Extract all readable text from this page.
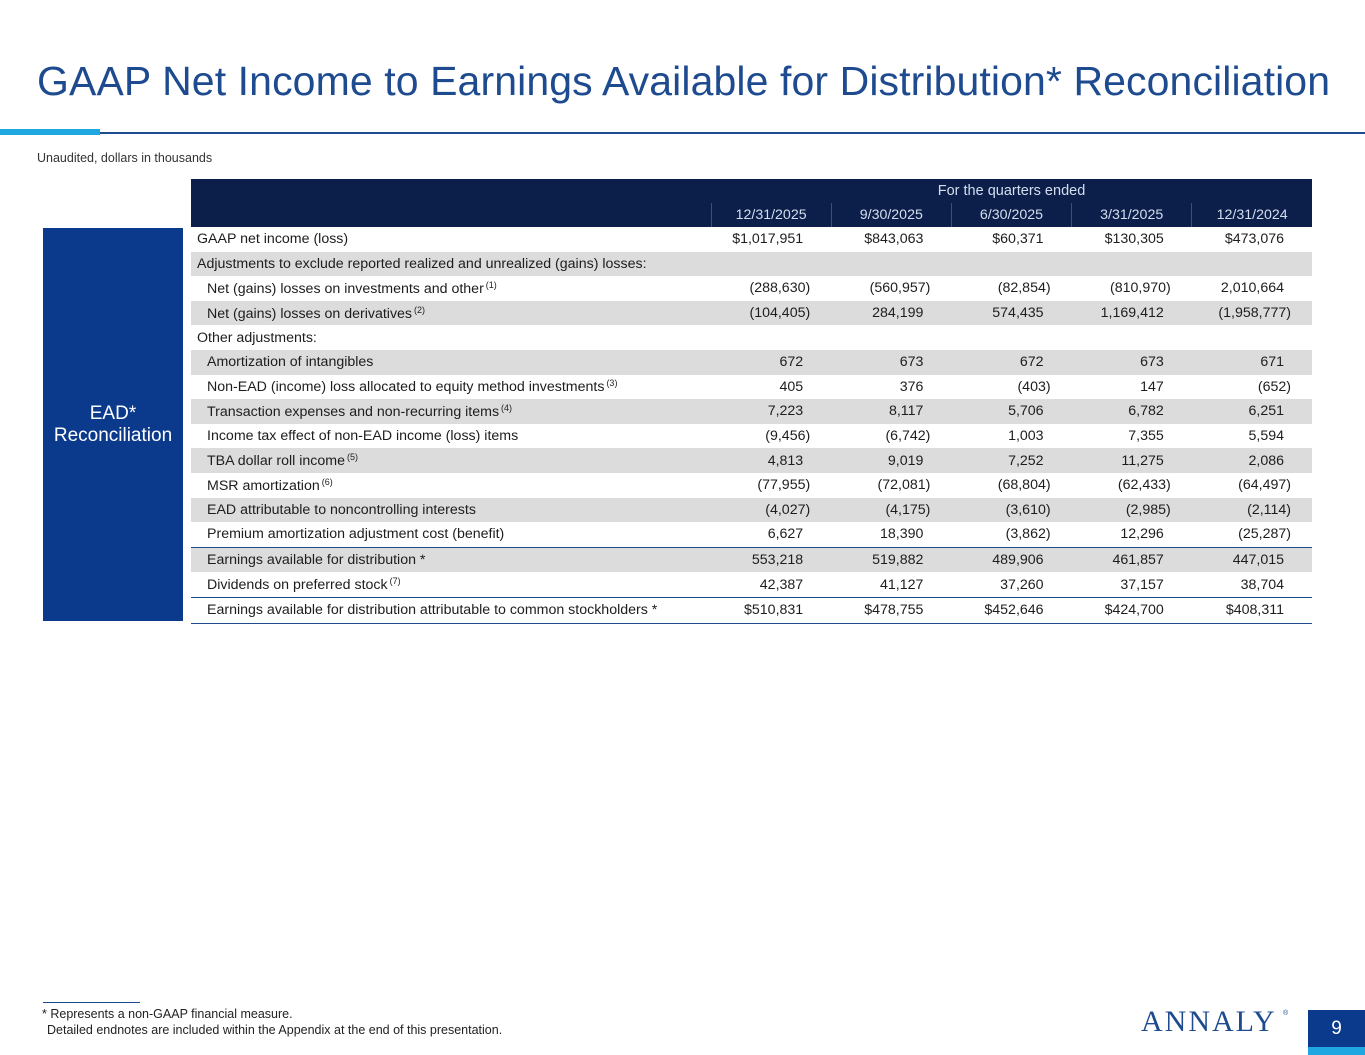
GAAP Net Income to Earnings Available for Distribution* Reconciliation
Unaudited, dollars in thousands
EAD*
Reconciliation
	For the quarters ended				
	12/31/2025	9/30/2025	6/30/2025	3/31/2025	12/31/2024
GAAP net income (loss)	$1,017,951	$843,063	$60,371	$130,305	$473,076
Adjustments to exclude reported realized and unrealized (gains) losses:					
Net (gains) losses on investments and other $^{(1)}$	(288,630)	(560,957)	(82,854)	(810,970)	2,010,664
Net (gains) losses on derivatives $^{(2)}$	(104,405)	284,199	574,435	1,169,412	(1,958,777)
Other adjustments:					
Amortization of intangibles	672	673	672	673	671
Non-EAD (income) loss allocated to equity method investments $^{(3)}$	405	376	(403)	147	(652)
Transaction expenses and non-recurring items $^{(4)}$	7,223	8,117	5,706	6,782	6,251
Income tax effect of non-EAD income (loss) items	(9,456)	(6,742)	1,003	7,355	5,594
TBA dollar roll income $^{(5)}$	4,813	9,019	7,252	11,275	2,086
MSR amortization $^{(6)}$	(77,955)	(72,081)	(68,804)	(62,433)	(64,497)
EAD attributable to noncontrolling interests	(4,027)	(4,175)	(3,610)	(2,985)	(2,114)
Premium amortization adjustment cost (benefit)	6,627	18,390	(3,862)	12,296	(25,287)
Earnings available for distribution *	553,218	519,882	489,906	461,857	447,015
Dividends on preferred stock $^{(7)}$	42,387	41,127	37,260	37,157	38,704
Earnings available for distribution attributable to common stockholders *	$510,831	$478,755	$452,646	$424,700	$408,311
* Represents a non-GAAP financial measure.
Detailed endnotes are included within the Appendix at the end of this presentation.	ANNALY ®
9
